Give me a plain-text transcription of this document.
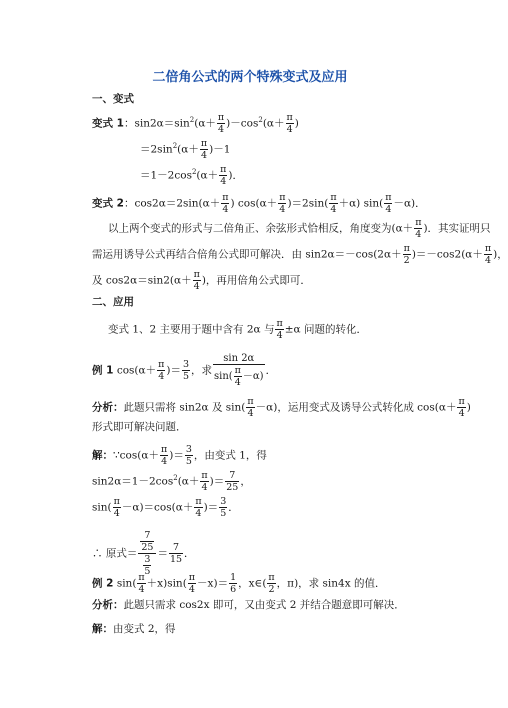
二倍角公式的两个特殊变式及应用
一、变式
变式 1：$\sin 2\alpha=\sin^2(\alpha+ \frac{\pi}{4} )-\cos^2(\alpha+ \frac{\pi}{4}$ )
$=2\sin^2(\alpha+ \frac{\pi}{4} )-1$
$=1-2\cos^2(\alpha+ \frac{\pi}{4}$ )．
变式 2：$\cos 2\alpha=2\sin(\alpha+ \frac{\pi}{4}$ ) $\cos(\alpha+ \frac{\pi}{4} )=2\sin( \frac{\pi}{4} +\alpha)$ $\sin( \frac{\pi}{4} -\alpha)$．
以上两个变式的形式与二倍角正、余弦形式恰相反，角度变为($\alpha+ \frac{\pi}{4}$ )．其实证明只
需运用诱导公式再结合倍角公式即可解决．由 $\sin 2\alpha=-\cos(2\alpha+ \frac{\pi}{2} )=-\cos 2(\alpha+ \frac{\pi}{4}$ )，
及 $\cos 2\alpha=\sin 2(\alpha+ \frac{\pi}{4}$ )，再用倍角公式即可．
二、应用
变式 1、2 主要用于题中含有 2α 与 $\frac{\pi}{4} \pm\alpha$ 问题的转化．
例 1 $\cos(\alpha+ \frac{\pi}{4}$ )＝ $\frac{3}{5}$ ，求 $\frac{\sin 2\alpha}{\sin( \frac{\pi}{4} -\alpha)}$ ．
分析：此题只需将 sin2α 及 $\sin( \frac{\pi}{4} -\alpha)$，运用变式及诱导公式转化成 $\cos(\alpha+ \frac{\pi}{4}$ )
形式即可解决问题．
解：∵cos(α＋ $\frac{\pi}{4}$ )＝ $\frac{3}{5}$ ，由变式 1，得
$\sin 2\alpha=1-2\cos^2(\alpha+ \frac{\pi}{4}$ )＝ $\frac{7}{25}$ ，
$\sin( \frac{\pi}{4} -\alpha)=\cos(\alpha+ \frac{\pi}{4}$ )＝ $\frac{3}{5}$ ．
∴ 原式＝ $\frac{\frac{7}{25}}{\frac{3}{5}} = \frac{7}{15}$ ．
例 2 $\sin( \frac{\pi}{4} +x)\sin( \frac{\pi}{4} -x)= \frac{1}{6}$ ，x∈( $\frac{\pi}{2}$ ，π)，求 sin4x 的值．
分析：此题只需求 cos2x 即可，又由变式 2 并结合题意即可解决．
解：由变式 2，得
